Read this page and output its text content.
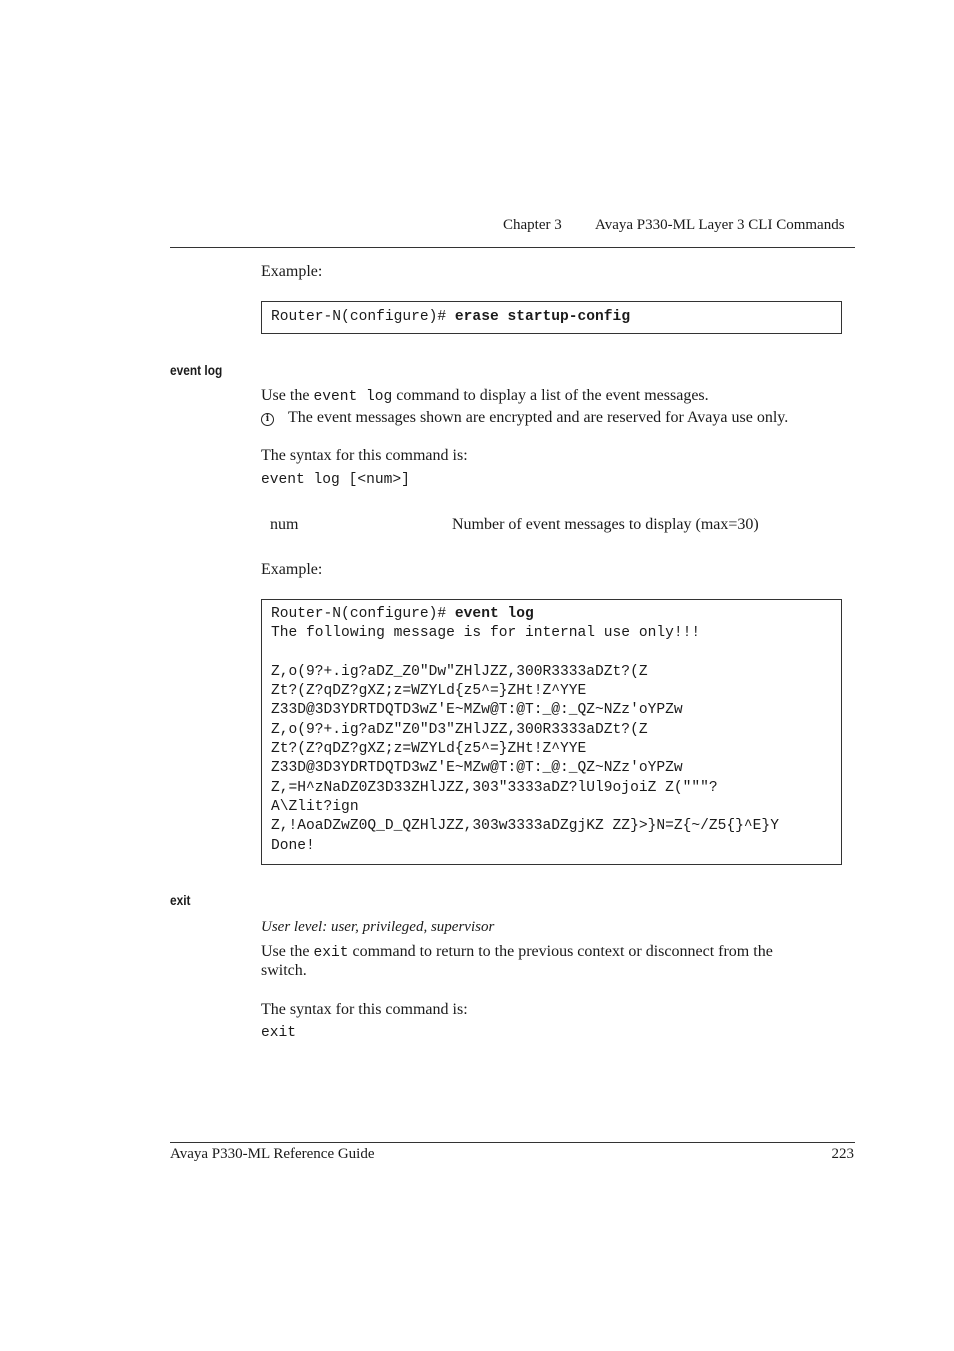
Chapter 3 Avaya P330-ML Layer 3 CLI Commands
Example:
Router-N(configure)# erase startup-config
event log
Use the event log command to display a list of the event messages.
i The event messages shown are encrypted and are reserved for Avaya use only.
The syntax for this command is:
event log [<num>]
num	Number of event messages to display (max=30)
Example:
Router-N(configure)# event log
The following message is for internal use only!!!
Z,o(9?+.ig?aDZ_Z0"Dw"ZHlJZZ,300R3333aDZt?(Z
Zt?(Z?qDZ?gXZ;z=WZYLd{z5^=}ZHt!Z^YYE
Z33D@3D3YDRTDQTD3wZ'E~MZw@T:@T:_@:_QZ~NZz'oYPZw
Z,o(9?+.ig?aDZ"Z0"D3"ZHlJZZ,300R3333aDZt?(Z
Zt?(Z?qDZ?gXZ;z=WZYLd{z5^=}ZHt!Z^YYE
Z33D@3D3YDRTDQTD3wZ'E~MZw@T:@T:_@:_QZ~NZz'oYPZw
Z,=H^zNaDZ0Z3D33ZHlJZZ,303"3333aDZ?lUl9ojoiZ Z("""?
A\Zlit?ign
Z,!AoaDZwZ0Q_D_QZHlJZZ,303w3333aDZgjKZ ZZ}>}N=Z{~/Z5{}^E}Y
Done!
exit
User level: user, privileged, supervisor
Use the exit command to return to the previous context or disconnect from the
switch.
The syntax for this command is:
exit
Avaya P330-ML Reference Guide	223
